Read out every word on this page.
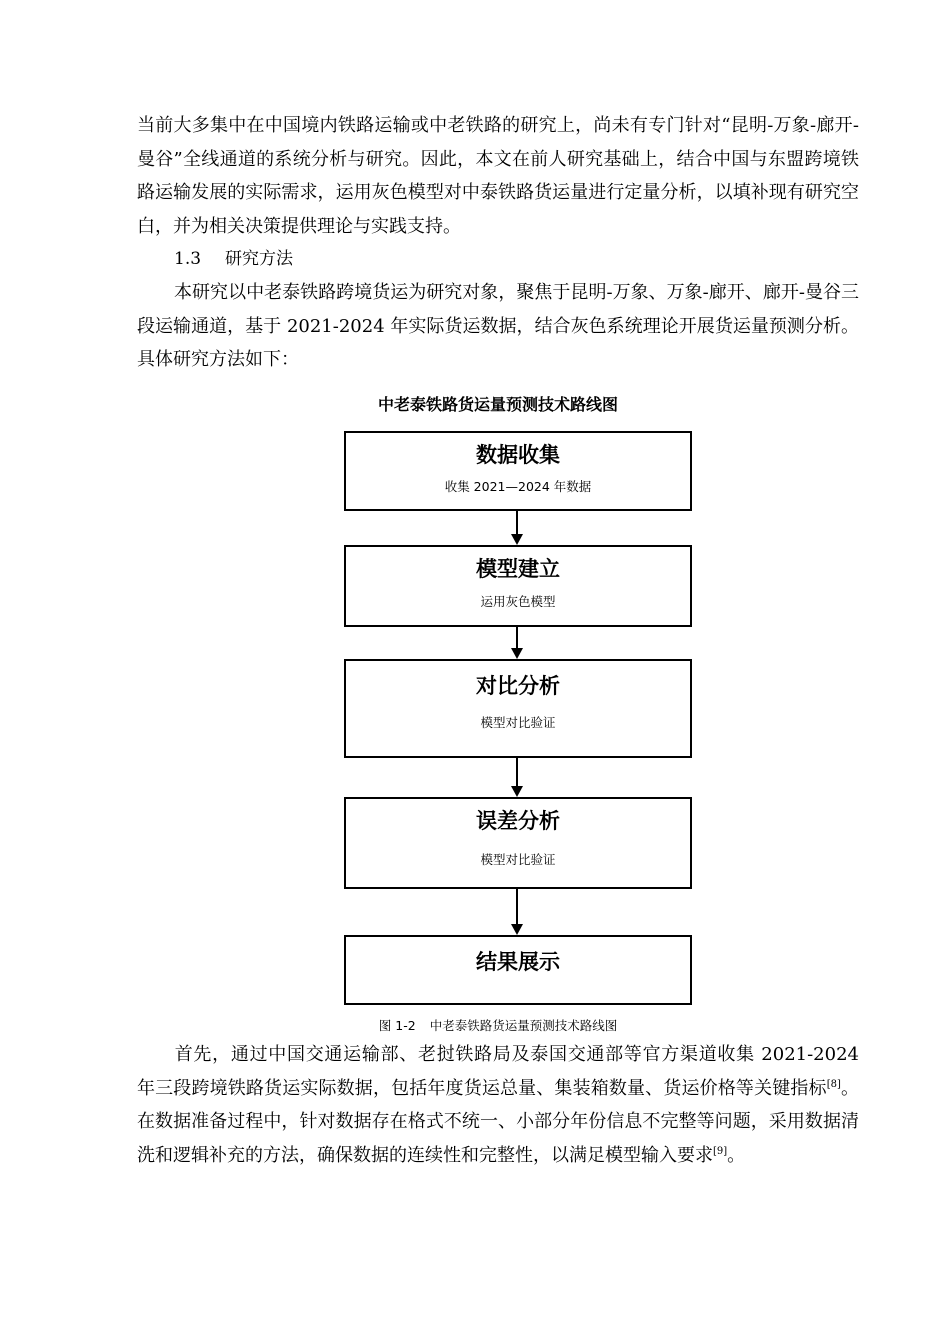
当前大多集中在中国境内铁路运输或中老铁路的研究上，尚未有专门针对“昆明-万象-廊开-曼谷”全线通道的系统分析与研究。因此，本文在前人研究基础上，结合中国与东盟跨境铁路运输发展的实际需求，运用灰色模型对中泰铁路货运量进行定量分析，以填补现有研究空白，并为相关决策提供理论与实践支持。

1.3 研究方法

本研究以中老泰铁路跨境货运为研究对象，聚焦于昆明-万象、万象-廊开、廊开-曼谷三段运输通道，基于 2021-2024 年实际货运数据，结合灰色系统理论开展货运量预测分析。具体研究方法如下：

中老泰铁路货运量预测技术路线图

数据收集
收集 2021—2024 年数据
模型建立
运用灰色模型
对比分析
模型对比验证
误差分析
模型对比验证
结果展示

图 1-2 中老泰铁路货运量预测技术路线图

首先，通过中国交通运输部、老挝铁路局及泰国交通部等官方渠道收集 2021-2024 年三段跨境铁路货运实际数据，包括年度货运总量、集装箱数量、货运价格等关键指标[8]。在数据准备过程中，针对数据存在格式不统一、小部分年份信息不完整等问题，采用数据清洗和逻辑补充的方法，确保数据的连续性和完整性，以满足模型输入要求[9]。
